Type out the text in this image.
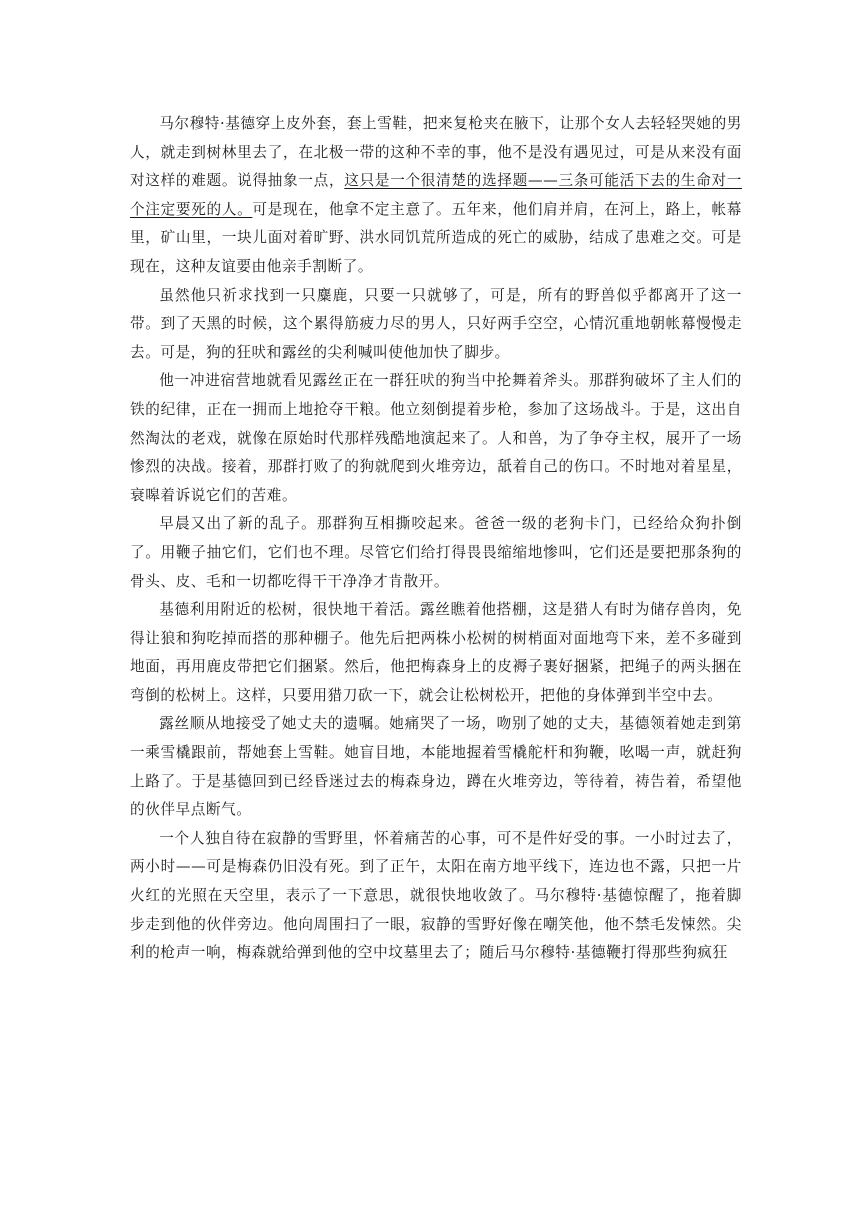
马尔穆特·基德穿上皮外套，套上雪鞋，把来复枪夹在腋下，让那个女人去轻轻哭她的男人，就走到树林里去了，在北极一带的这种不幸的事，他不是没有遇见过，可是从来没有面对这样的难题。说得抽象一点，这只是一个很清楚的选择题——三条可能活下去的生命对一个注定要死的人。可是现在，他拿不定主意了。五年来，他们肩并肩，在河上，路上，帐幕里，矿山里，一块儿面对着旷野、洪水同饥荒所造成的死亡的威胁，结成了患难之交。可是现在，这种友谊要由他亲手割断了。

虽然他只祈求找到一只麋鹿，只要一只就够了，可是，所有的野兽似乎都离开了这一带。到了天黑的时候，这个累得筋疲力尽的男人，只好两手空空，心情沉重地朝帐幕慢慢走去。可是，狗的狂吠和露丝的尖利喊叫使他加快了脚步。

他一冲进宿营地就看见露丝正在一群狂吠的狗当中抡舞着斧头。那群狗破坏了主人们的铁的纪律，正在一拥而上地抢夺干粮。他立刻倒提着步枪，参加了这场战斗。于是，这出自然淘汰的老戏，就像在原始时代那样残酷地演起来了。人和兽，为了争夺主权，展开了一场惨烈的决战。接着，那群打败了的狗就爬到火堆旁边，舐着自己的伤口。不时地对着星星，衰嗥着诉说它们的苦难。

早晨又出了新的乱子。那群狗互相撕咬起来。爸爸一级的老狗卡门，已经给众狗扑倒了。用鞭子抽它们，它们也不理。尽管它们给打得畏畏缩缩地惨叫，它们还是要把那条狗的骨头、皮、毛和一切都吃得干干净净才肯散开。

基德利用附近的松树，很快地干着活。露丝瞧着他搭棚，这是猎人有时为储存兽肉，免得让狼和狗吃掉而搭的那种棚子。他先后把两株小松树的树梢面对面地弯下来，差不多碰到地面，再用鹿皮带把它们捆紧。然后，他把梅森身上的皮褥子裹好捆紧，把绳子的两头捆在弯倒的松树上。这样，只要用猎刀砍一下，就会让松树松开，把他的身体弹到半空中去。

露丝顺从地接受了她丈夫的遗嘱。她痛哭了一场，吻别了她的丈夫，基德领着她走到第一乘雪橇跟前，帮她套上雪鞋。她盲目地，本能地握着雪橇舵杆和狗鞭，吆喝一声，就赶狗上路了。于是基德回到已经昏迷过去的梅森身边，蹲在火堆旁边，等待着，祷告着，希望他的伙伴早点断气。

一个人独自待在寂静的雪野里，怀着痛苦的心事，可不是件好受的事。一小时过去了，两小时——可是梅森仍旧没有死。到了正午，太阳在南方地平线下，连边也不露，只把一片火红的光照在天空里，表示了一下意思，就很快地收敛了。马尔穆特·基德惊醒了，拖着脚步走到他的伙伴旁边。他向周围扫了一眼，寂静的雪野好像在嘲笑他，他不禁毛发悚然。尖利的枪声一响，梅森就给弹到他的空中坟墓里去了；随后马尔穆特·基德鞭打得那些狗疯狂
